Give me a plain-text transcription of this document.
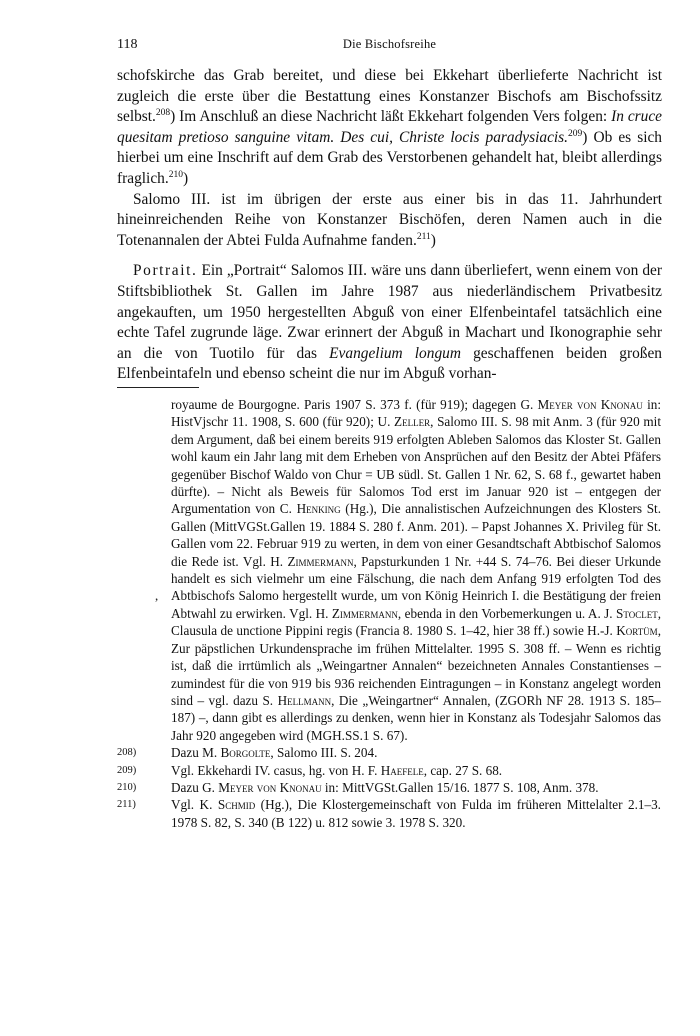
118	Die Bischofsreihe

schofskirche das Grab bereitet, und diese bei Ekkehart überlieferte Nachricht ist zugleich die erste über die Bestattung eines Konstanzer Bischofs am Bischofssitz selbst.$^{208}$) Im Anschluß an diese Nachricht läßt Ekkehart folgenden Vers folgen: In cruce quesitam pretioso sanguine vitam. Des cui, Christe locis paradysiacis.$^{209}$) Ob es sich hierbei um eine Inschrift auf dem Grab des Verstorbenen gehandelt hat, bleibt allerdings fraglich.$^{210}$)

Salomo III. ist im übrigen der erste aus einer bis in das 11. Jahrhundert hineinreichenden Reihe von Konstanzer Bischöfen, deren Namen auch in die Totenannalen der Abtei Fulda Aufnahme fanden.$^{211}$)

Portrait. Ein „Portrait“ Salomos III. wäre uns dann überliefert, wenn einem von der Stiftsbibliothek St. Gallen im Jahre 1987 aus niederländischem Privatbesitz angekauften, um 1950 hergestellten Abguß von einer Elfenbeintafel tatsächlich eine echte Tafel zugrunde läge. Zwar erinnert der Abguß in Machart und Ikonographie sehr an die von Tuotilo für das Evangelium longum geschaffenen beiden großen Elfenbeintafeln und ebenso scheint die nur im Abguß vorhan-

,

royaume de Bourgogne. Paris 1907 S. 373 f. (für 919); dagegen G. Meyer von Knonau in: HistVjschr 11. 1908, S. 600 (für 920); U. Zeller, Salomo III. S. 98 mit Anm. 3 (für 920 mit dem Argument, daß bei einem bereits 919 erfolgten Ableben Salomos das Kloster St. Gallen wohl kaum ein Jahr lang mit dem Erheben von Ansprüchen auf den Besitz der Abtei Pfäfers gegenüber Bischof Waldo von Chur = UB südl. St. Gallen 1 Nr. 62, S. 68 f., gewartet haben dürfte). – Nicht als Beweis für Salomos Tod erst im Januar 920 ist – entgegen der Argumentation von C. Henking (Hg.), Die annalistischen Aufzeichnungen des Klosters St. Gallen (MittVGSt.Gallen 19. 1884 S. 280 f. Anm. 201). – Papst Johannes X. Privileg für St. Gallen vom 22. Februar 919 zu werten, in dem von einer Gesandtschaft Abtbischof Salomos die Rede ist. Vgl. H. Zimmermann, Papsturkunden 1 Nr. +44 S. 74–76. Bei dieser Urkunde handelt es sich vielmehr um eine Fälschung, die nach dem Anfang 919 erfolgten Tod des Abtbischofs Salomo hergestellt wurde, um von König Heinrich I. die Bestätigung der freien Abtwahl zu erwirken. Vgl. H. Zimmermann, ebenda in den Vorbemerkungen u. A. J. Stoclet, Clausula de unctione Pippini regis (Francia 8. 1980 S. 1–42, hier 38 ff.) sowie H.-J. Kortüm, Zur päpstlichen Urkundensprache im frühen Mittelalter. 1995 S. 308 ff. – Wenn es richtig ist, daß die irrtümlich als „Weingartner Annalen“ bezeichneten Annales Constantienses – zumindest für die von 919 bis 936 reichenden Eintragungen – in Konstanz angelegt worden sind – vgl. dazu S. Hellmann, Die „Weingartner“ Annalen, (ZGORh NF 28. 1913 S. 185–187) –, dann gibt es allerdings zu denken, wenn hier in Konstanz als Todesjahr Salomos das Jahr 920 angegeben wird (MGH.SS.1 S. 67).

208)	Dazu M. Borgolte, Salomo III. S. 204.

209)	Vgl. Ekkehardi IV. casus, hg. von H. F. Haefele, cap. 27 S. 68.

210)	Dazu G. Meyer von Knonau in: MittVGSt.Gallen 15/16. 1877 S. 108, Anm. 378.

211)	Vgl. K. Schmid (Hg.), Die Klostergemeinschaft von Fulda im früheren Mittelalter 2.1–3. 1978 S. 82, S. 340 (B 122) u. 812 sowie 3. 1978 S. 320.
